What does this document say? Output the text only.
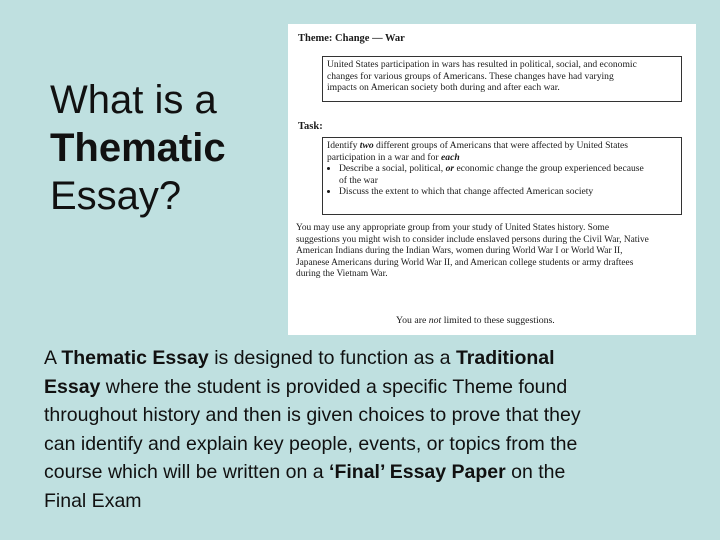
What is a
Thematic
Essay?
Theme: Change — War
United States participation in wars has resulted in political, social, and economic
changes for various groups of Americans. These changes have had varying
impacts on American society both during and after each war.
Task:
Identify two different groups of Americans that were affected by United States
participation in a war and for each
• Describe a social, political, or economic change the group experienced because
of the war
• Discuss the extent to which that change affected American society
You may use any appropriate group from your study of United States history. Some
suggestions you might wish to consider include enslaved persons during the Civil War, Native
American Indians during the Indian Wars, women during World War I or World War II,
Japanese Americans during World War II, and American college students or army draftees
during the Vietnam War.
You are not limited to these suggestions.
A Thematic Essay is designed to function as a Traditional
Essay where the student is provided a specific Theme found
throughout history and then is given choices to prove that they
can identify and explain key people, events, or topics from the
course which will be written on a ‘Final’ Essay Paper on the
Final Exam
